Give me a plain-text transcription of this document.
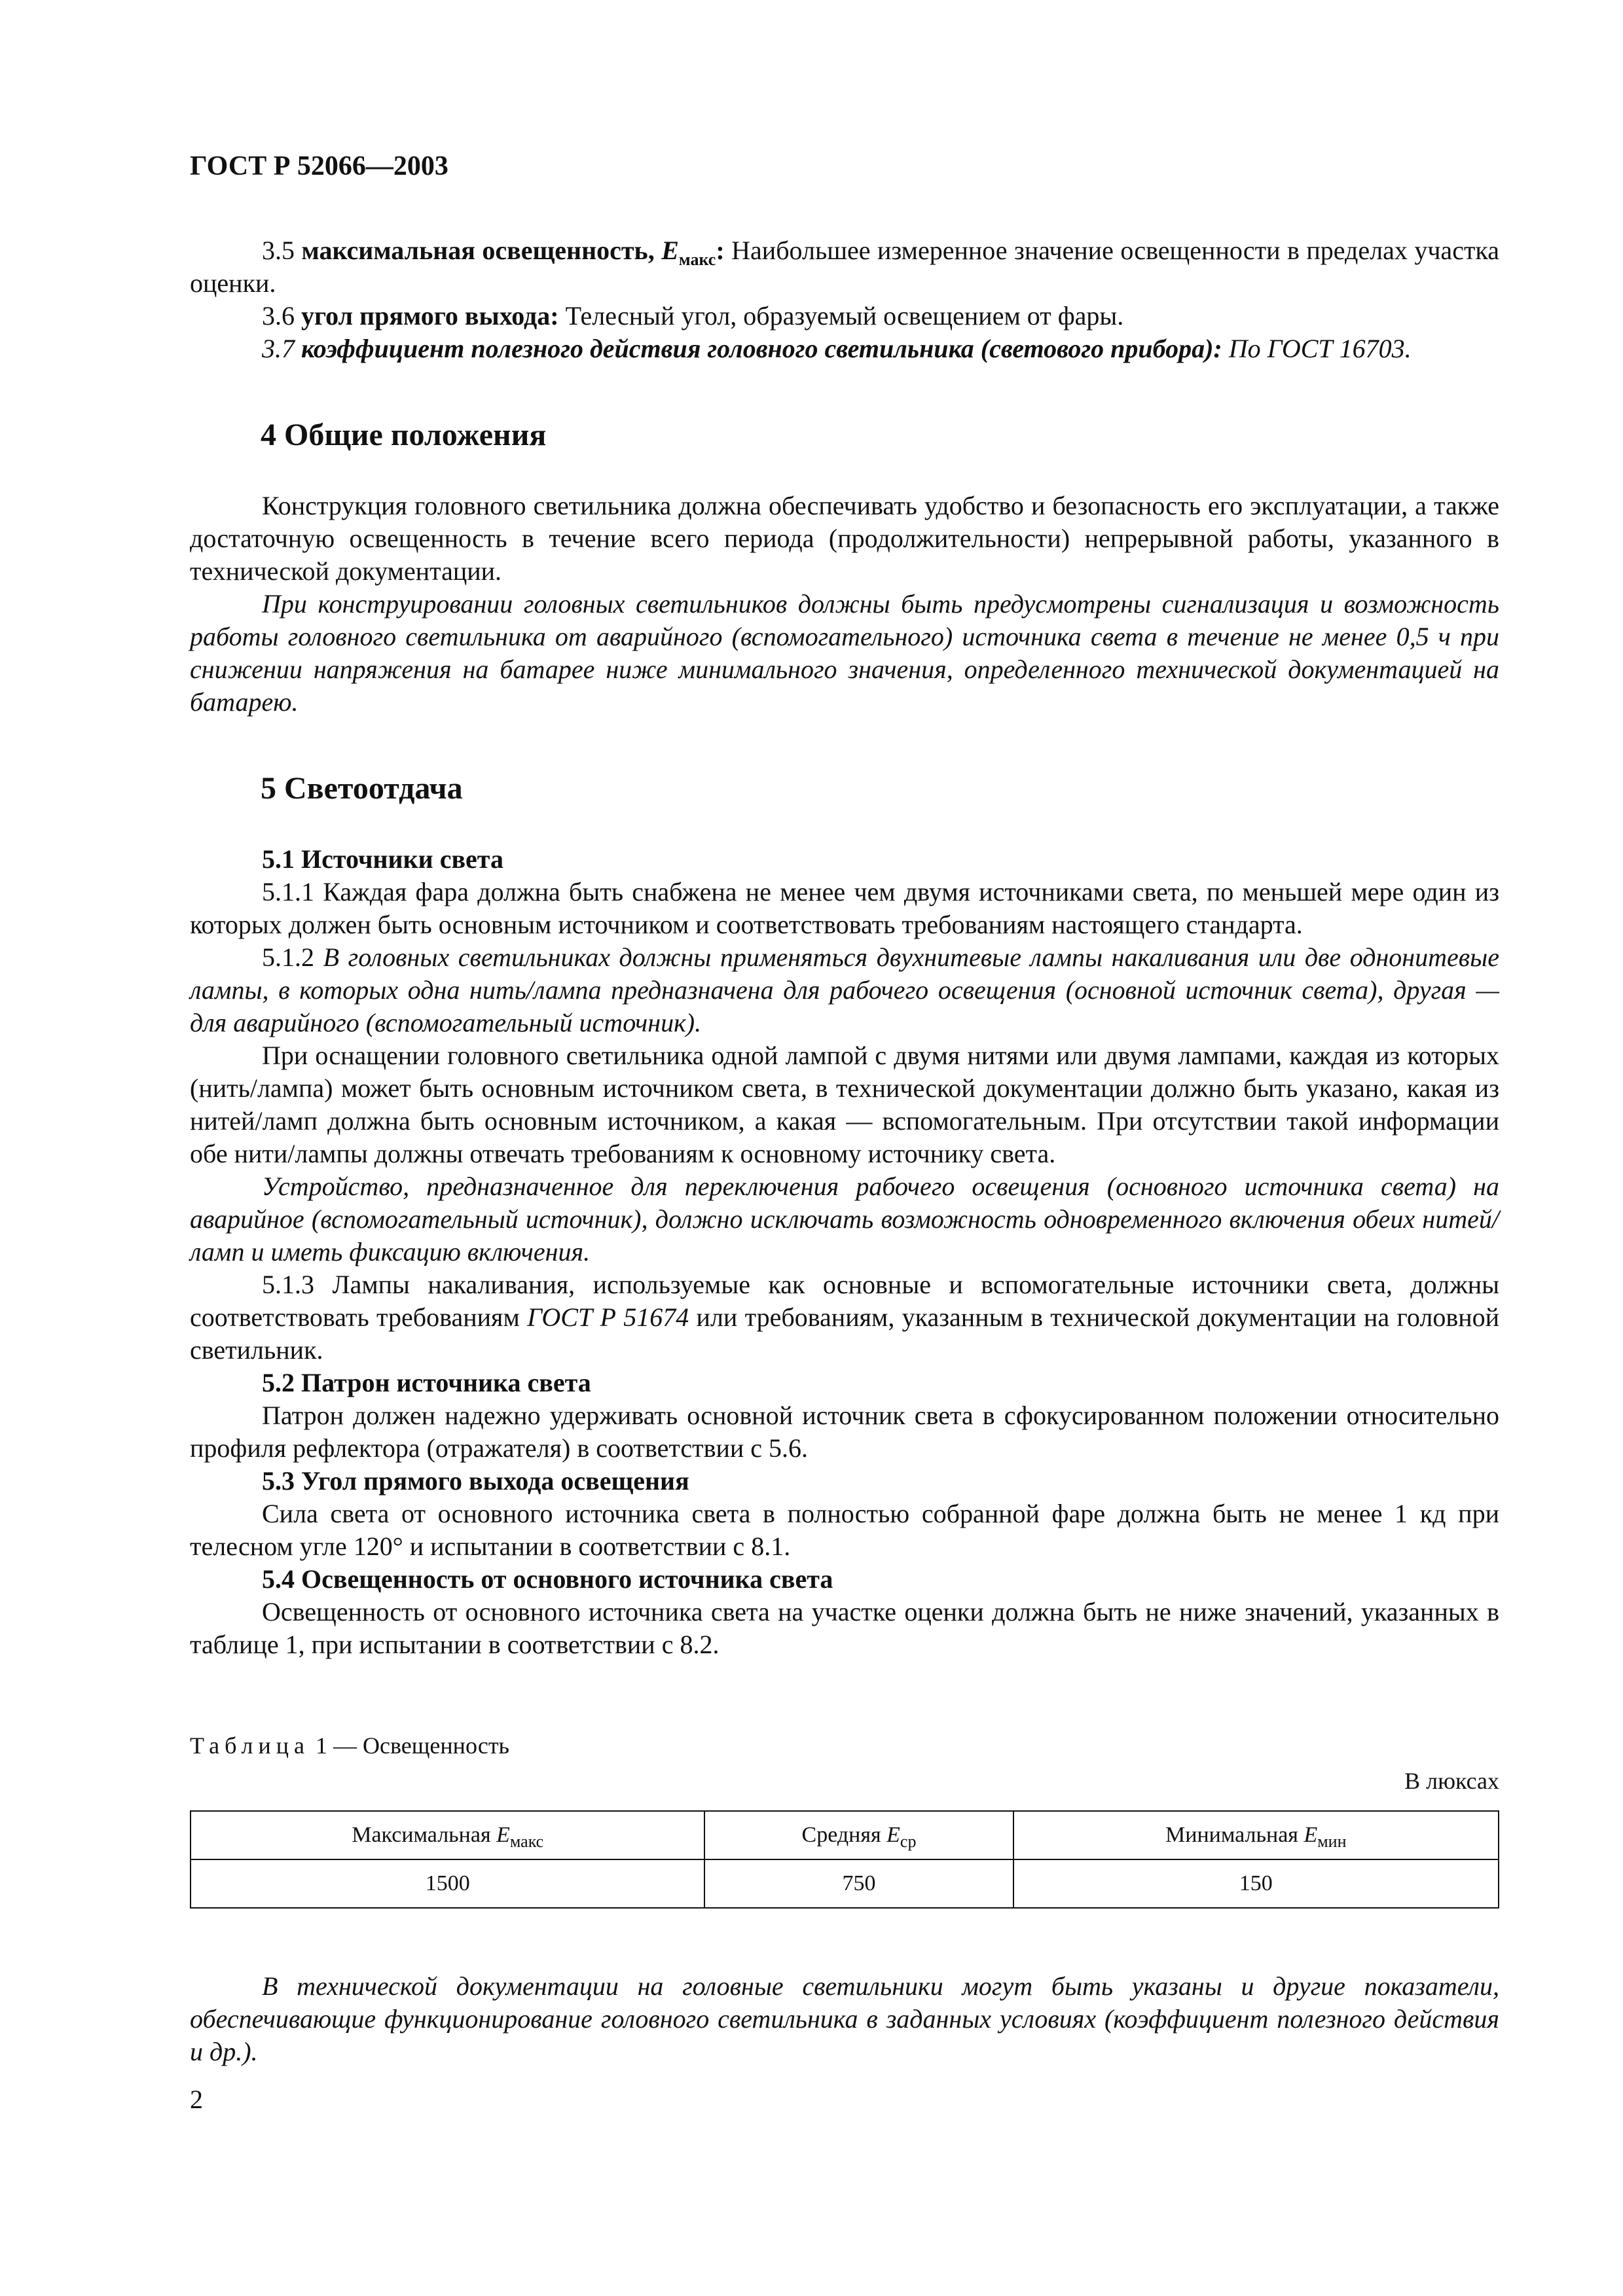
ГОСТ Р 52066—2003

3.5 максимальная освещенность, $E_{макс}$: Наибольшее измеренное значение освещенности в пределах участка оценки.

3.6 угол прямого выхода: Телесный угол, образуемый освещением от фары.

3.7 коэффициент полезного действия головного светильника (светового прибора): По ГОСТ 16703.

4 Общие положения

Конструкция головного светильника должна обеспечивать удобство и безопасность его эксплуатации, а также достаточную освещенность в течение всего периода (продолжительности) непрерывной работы, указанного в технической документации.

При конструировании головных светильников должны быть предусмотрены сигнализация и возможность работы головного светильника от аварийного (вспомогательного) источника света в течение не менее 0,5 ч при снижении напряжения на батарее ниже минимального значения, определенного технической документацией на батарею.

5 Светоотдача
5.1 Источники света

5.1.1 Каждая фара должна быть снабжена не менее чем двумя источниками света, по меньшей мере один из которых должен быть основным источником и соответствовать требованиям настоящего стандарта.

5.1.2 В головных светильниках должны применяться двухнитевые лампы накаливания или две однонитевые лампы, в которых одна нить/лампа предназначена для рабочего освещения (основной источник света), другая — для аварийного (вспомогательный источник).

При оснащении головного светильника одной лампой с двумя нитями или двумя лампами, каждая из которых (нить/лампа) может быть основным источником света, в технической документации должно быть указано, какая из нитей/ламп должна быть основным источником, а какая — вспомогательным. При отсутствии такой информации обе нити/лампы должны отвечать требованиям к основному источнику света.

Устройство, предназначенное для переключения рабочего освещения (основного источника света) на аварийное (вспомогательный источник), должно исключать возможность одновременного включения обеих нитей/ламп и иметь фиксацию включения.

5.1.3 Лампы накаливания, используемые как основные и вспомогательные источники света, должны соответствовать требованиям ГОСТ Р 51674 или требованиям, указанным в технической документации на головной светильник.

5.2 Патрон источника света

Патрон должен надежно удерживать основной источник света в сфокусированном положении относительно профиля рефлектора (отражателя) в соответствии с 5.6.

5.3 Угол прямого выхода освещения

Сила света от основного источника света в полностью собранной фаре должна быть не менее 1 кд при телесном угле 120° и испытании в соответствии с 8.1.

5.4 Освещенность от основного источника света

Освещенность от основного источника света на участке оценки должна быть не ниже значений, указанных в таблице 1, при испытании в соответствии с 8.2.

Таблица 1 — Освещенность
В люксах
Максимальная $E_{макс}$	Средняя $E_{ср}$	Минимальная $E_{мин}$
1500	750	150

В технической документации на головные светильники могут быть указаны и другие показатели, обеспечивающие функционирование головного светильника в заданных условиях (коэффициент полезного действия и др.).

2
